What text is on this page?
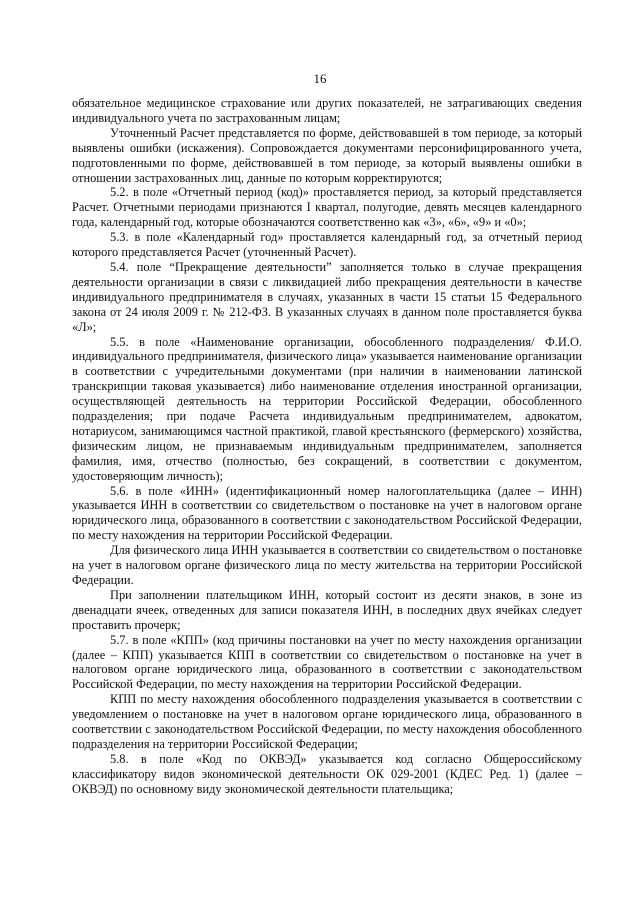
16

обязательное медицинское страхование или других показателей, не затрагивающих сведения индивидуального учета по застрахованным лицам;

Уточненный Расчет представляется по форме, действовавшей в том периоде, за который выявлены ошибки (искажения). Сопровождается документами персонифицированного учета, подготовленными по форме, действовавшей в том периоде, за который выявлены ошибки в отношении застрахованных лиц, данные по которым корректируются;

5.2. в поле «Отчетный период (код)» проставляется период, за который представляется Расчет. Отчетными периодами признаются I квартал, полугодие, девять месяцев календарного года, календарный год, которые обозначаются соответственно как «3», «6», «9» и «0»;

5.3. в поле «Календарный год» проставляется календарный год, за отчетный период которого представляется Расчет (уточненный Расчет).

5.4. поле “Прекращение деятельности” заполняется только в случае прекращения деятельности организации в связи с ликвидацией либо прекращения деятельности в качестве индивидуального предпринимателя в случаях, указанных в части 15 статьи 15 Федерального закона от 24 июля 2009 г. № 212-ФЗ. В указанных случаях в данном поле проставляется буква «Л»;

5.5. в поле «Наименование организации, обособленного подразделения/ Ф.И.О. индивидуального предпринимателя, физического лица» указывается наименование организации в соответствии с учредительными документами (при наличии в наименовании латинской транскрипции таковая указывается) либо наименование отделения иностранной организации, осуществляющей деятельность на территории Российской Федерации, обособленного подразделения; при подаче Расчета индивидуальным предпринимателем, адвокатом, нотариусом, занимающимся частной практикой, главой крестьянского (фермерского) хозяйства, физическим лицом, не признаваемым индивидуальным предпринимателем, заполняется фамилия, имя, отчество (полностью, без сокращений, в соответствии с документом, удостоверяющим личность);

5.6. в поле «ИНН» (идентификационный номер налогоплательщика (далее – ИНН) указывается ИНН в соответствии со свидетельством о постановке на учет в налоговом органе юридического лица, образованного в соответствии с законодательством Российской Федерации, по месту нахождения на территории Российской Федерации.

Для физического лица ИНН указывается в соответствии со свидетельством о постановке на учет в налоговом органе физического лица по месту жительства на территории Российской Федерации.

При заполнении плательщиком ИНН, который состоит из десяти знаков, в зоне из двенадцати ячеек, отведенных для записи показателя ИНН, в последних двух ячейках следует проставить прочерк;

5.7. в поле «КПП» (код причины постановки на учет по месту нахождения организации (далее – КПП) указывается КПП в соответствии со свидетельством о постановке на учет в налоговом органе юридического лица, образованного в соответствии с законодательством Российской Федерации, по месту нахождения на территории Российской Федерации.

КПП по месту нахождения обособленного подразделения указывается в соответствии с уведомлением о постановке на учет в налоговом органе юридического лица, образованного в соответствии с законодательством Российской Федерации, по месту нахождения обособленного подразделения на территории Российской Федерации;

5.8. в поле «Код по ОКВЭД» указывается код согласно Общероссийскому классификатору видов экономической деятельности ОК 029-2001 (КДЕС Ред. 1) (далее – ОКВЭД) по основному виду экономической деятельности плательщика;
